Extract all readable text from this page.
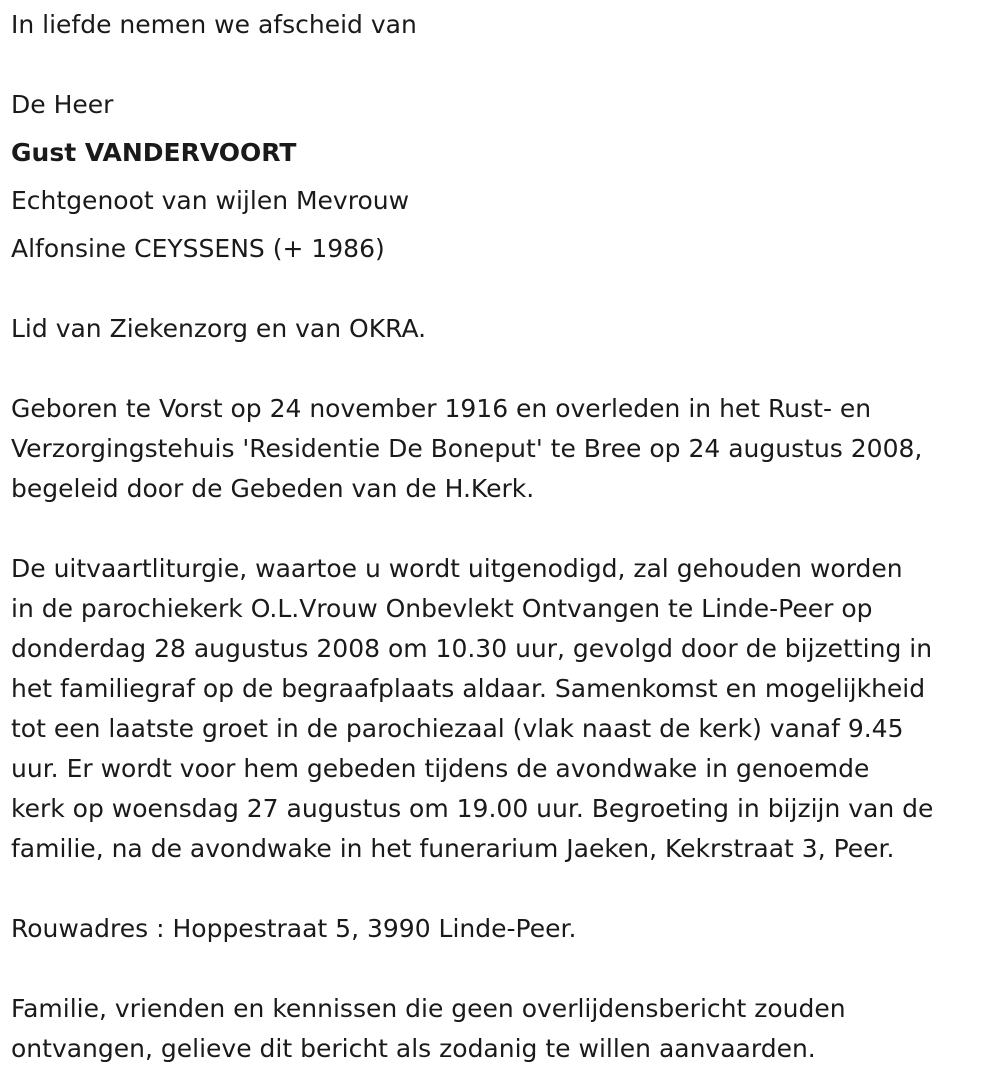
In liefde nemen we afscheid van
De Heer
Gust VANDERVOORT
Echtgenoot van wijlen Mevrouw
Alfonsine CEYSSENS (+ 1986)
Lid van Ziekenzorg en van OKRA.
Geboren te Vorst op 24 november 1916 en overleden in het Rust- en
Verzorgingstehuis 'Residentie De Boneput' te Bree op 24 augustus 2008,
begeleid door de Gebeden van de H.Kerk.
De uitvaartliturgie, waartoe u wordt uitgenodigd, zal gehouden worden
in de parochiekerk O.L.Vrouw Onbevlekt Ontvangen te Linde-Peer op
donderdag 28 augustus 2008 om 10.30 uur, gevolgd door de bijzetting in
het familiegraf op de begraafplaats aldaar. Samenkomst en mogelijkheid
tot een laatste groet in de parochiezaal (vlak naast de kerk) vanaf 9.45
uur. Er wordt voor hem gebeden tijdens de avondwake in genoemde
kerk op woensdag 27 augustus om 19.00 uur. Begroeting in bijzijn van de
familie, na de avondwake in het funerarium Jaeken, Kekrstraat 3, Peer.
Rouwadres : Hoppestraat 5, 3990 Linde-Peer.
Familie, vrienden en kennissen die geen overlijdensbericht zouden
ontvangen, gelieve dit bericht als zodanig te willen aanvaarden.
